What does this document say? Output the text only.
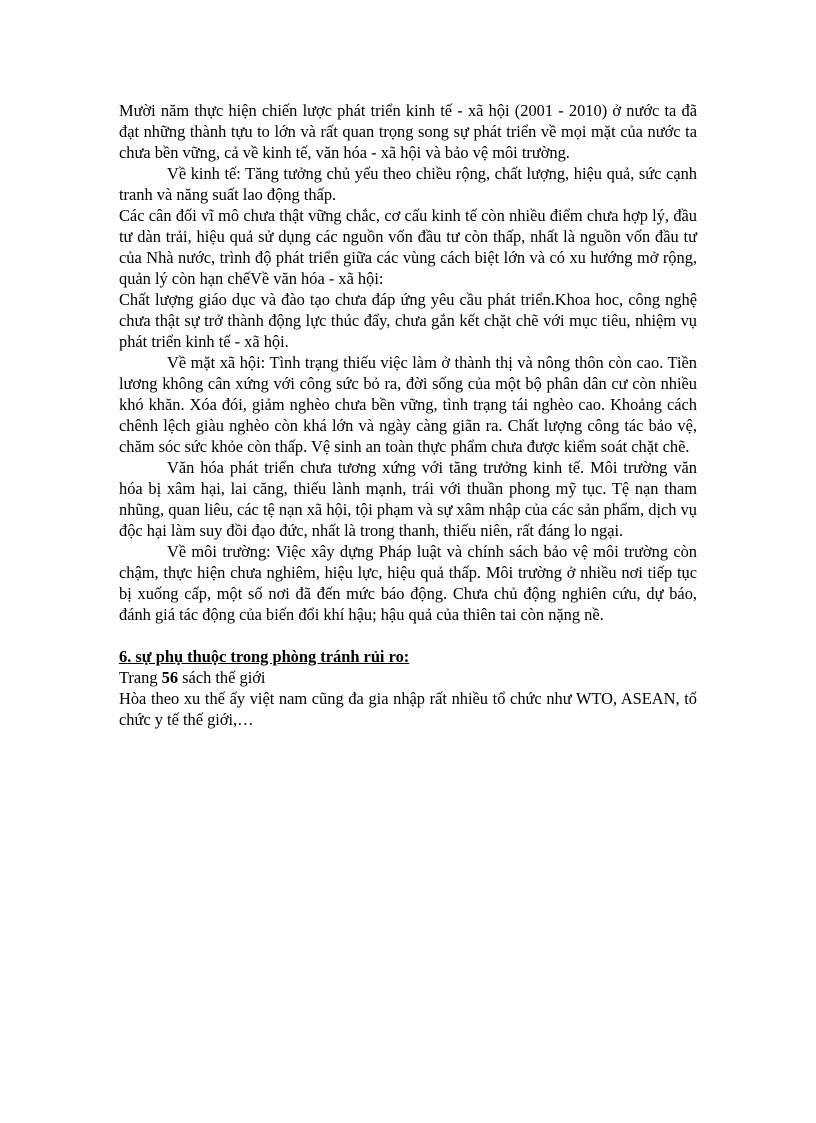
Mười năm thực hiện chiến lược phát triển kinh tế - xã hội (2001 - 2010) ở nước ta đã đạt những thành tựu to lớn và rất quan trọng song sự phát triển về mọi mặt của nước ta chưa bền vững, cả về kinh tế, văn hóa - xã hội và bảo vệ môi trường.

Về kinh tế: Tăng tưởng chủ yếu theo chiều rộng, chất lượng, hiệu quả, sức cạnh tranh và năng suất lao động thấp.

Các cân đối vĩ mô chưa thật vững chắc, cơ cấu kinh tế còn nhiều điểm chưa hợp lý, đầu tư dàn trải, hiệu quả sử dụng các nguồn vốn đầu tư còn thấp, nhất là nguồn vốn đầu tư của Nhà nước, trình độ phát triển giữa các vùng cách biệt lớn và có xu hướng mở rộng, quản lý còn hạn chếVề văn hóa - xã hội:

Chất lượng giáo dục và đào tạo chưa đáp ứng yêu cầu phát triển.Khoa hoc, công nghệ chưa thật sự trở thành động lực thúc đẩy, chưa gắn kết chặt chẽ với mục tiêu, nhiệm vụ phát triển kinh tế - xã hội.

Về mặt xã hội: Tình trạng thiếu việc làm ở thành thị và nông thôn còn cao. Tiền lương không cân xứng với công sức bỏ ra, đời sống của một bộ phân dân cư còn nhiều khó khăn. Xóa đói, giảm nghèo chưa bền vững, tình trạng tái nghèo cao. Khoảng cách chênh lệch giàu nghèo còn khá lớn và ngày càng giãn ra. Chất lượng công tác bảo vệ, chăm sóc sức khỏe còn thấp. Vệ sinh an toàn thực phẩm chưa được kiểm soát chặt chẽ.

Văn hóa phát triển chưa tương xứng với tăng trưởng kinh tế. Môi trường văn hóa bị xâm hại, lai căng, thiếu lành mạnh, trái với thuần phong mỹ tục. Tệ nạn tham nhũng, quan liêu, các tệ nạn xã hội, tội phạm và sự xâm nhập của các sản phẩm, dịch vụ độc hại làm suy đồi đạo đức, nhất là trong thanh, thiếu niên, rất đáng lo ngại.

Về môi trường: Việc xây dựng Pháp luật và chính sách bảo vệ môi trường còn chậm, thực hiện chưa nghiêm, hiệu lực, hiệu quả thấp. Môi trường ở nhiều nơi tiếp tục bị xuống cấp, một số nơi đã đến mức báo động. Chưa chủ động nghiên cứu, dự báo, đánh giá tác động của biến đổi khí hậu; hậu quả của thiên tai còn nặng nề.

6. sự phụ thuộc trong phòng tránh rủi ro:

Trang 56 sách thế giới

Hòa theo xu thế ấy việt nam cũng đa gia nhập rất nhiều tổ chức như WTO, ASEAN, tổ chức y tế thế giới,…
